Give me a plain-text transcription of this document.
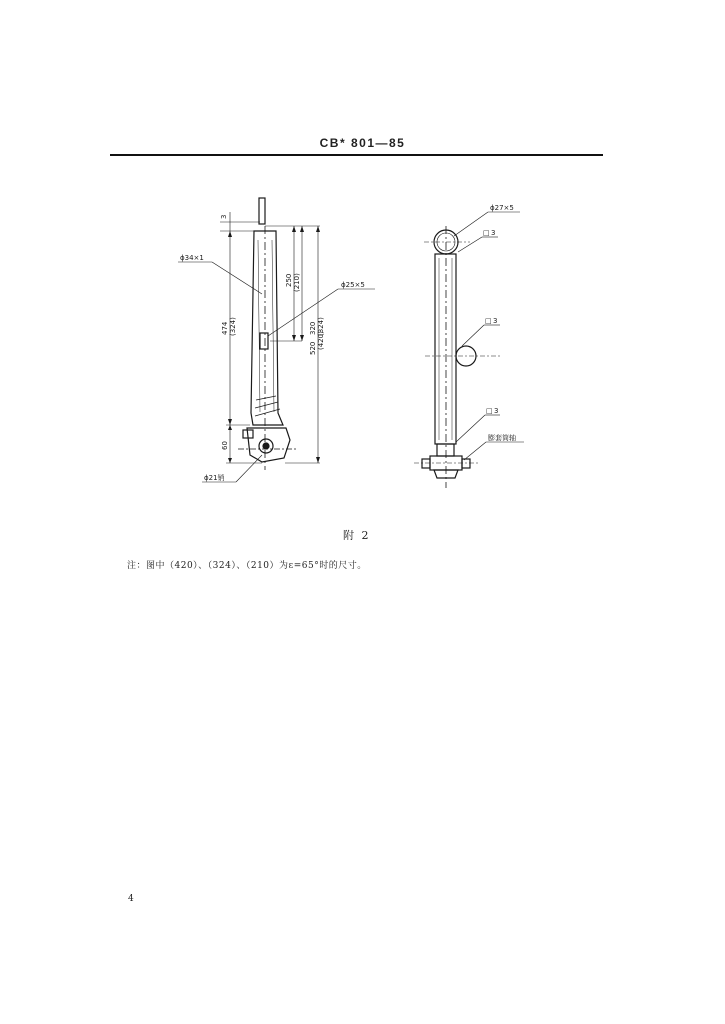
CB* 801—85
ϕ34×1
ϕ25×5
ϕ21销
3
250 (210)
320 (324)
474 (324)
520 (420)
60
ϕ27×5
□ 3
□ 3
□ 3
膨套筒轴
附 2
注：图中（420）、（324）、（210）为ε=65°时的尺寸。
4
